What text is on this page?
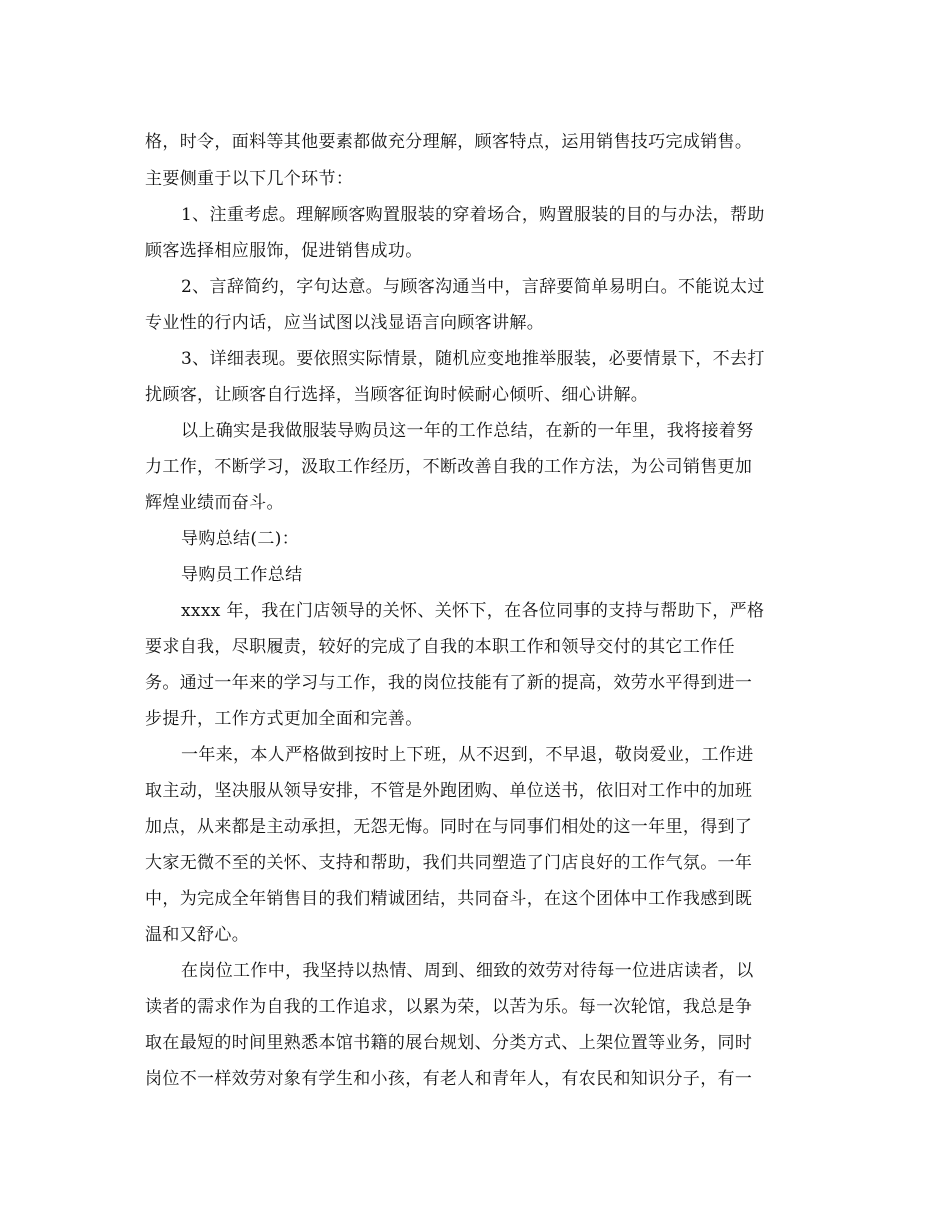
格，时令，面料等其他要素都做充分理解，顾客特点，运用销售技巧完成销售。
主要侧重于以下几个环节：
1、注重考虑。理解顾客购置服装的穿着场合，购置服装的目的与办法，帮助
顾客选择相应服饰，促进销售成功。
2、言辞简约，字句达意。与顾客沟通当中，言辞要简单易明白。不能说太过
专业性的行内话，应当试图以浅显语言向顾客讲解。
3、详细表现。要依照实际情景，随机应变地推举服装，必要情景下，不去打
扰顾客，让顾客自行选择，当顾客征询时候耐心倾听、细心讲解。
以上确实是我做服装导购员这一年的工作总结，在新的一年里，我将接着努
力工作，不断学习，汲取工作经历，不断改善自我的工作方法，为公司销售更加
辉煌业绩而奋斗。
导购总结(二)：
导购员工作总结
xxxx 年，我在门店领导的关怀、关怀下，在各位同事的支持与帮助下，严格
要求自我，尽职履责，较好的完成了自我的本职工作和领导交付的其它工作任
务。通过一年来的学习与工作，我的岗位技能有了新的提高，效劳水平得到进一
步提升，工作方式更加全面和完善。
一年来，本人严格做到按时上下班，从不迟到，不早退，敬岗爱业，工作进
取主动，坚决服从领导安排，不管是外跑团购、单位送书，依旧对工作中的加班
加点，从来都是主动承担，无怨无悔。同时在与同事们相处的这一年里，得到了
大家无微不至的关怀、支持和帮助，我们共同塑造了门店良好的工作气氛。一年
中，为完成全年销售目的我们精诚团结，共同奋斗，在这个团体中工作我感到既
温和又舒心。
在岗位工作中，我坚持以热情、周到、细致的效劳对待每一位进店读者，以
读者的需求作为自我的工作追求，以累为荣，以苦为乐。每一次轮馆，我总是争
取在最短的时间里熟悉本馆书籍的展台规划、分类方式、上架位置等业务，同时
岗位不一样效劳对象有学生和小孩，有老人和青年人，有农民和知识分子，有一
